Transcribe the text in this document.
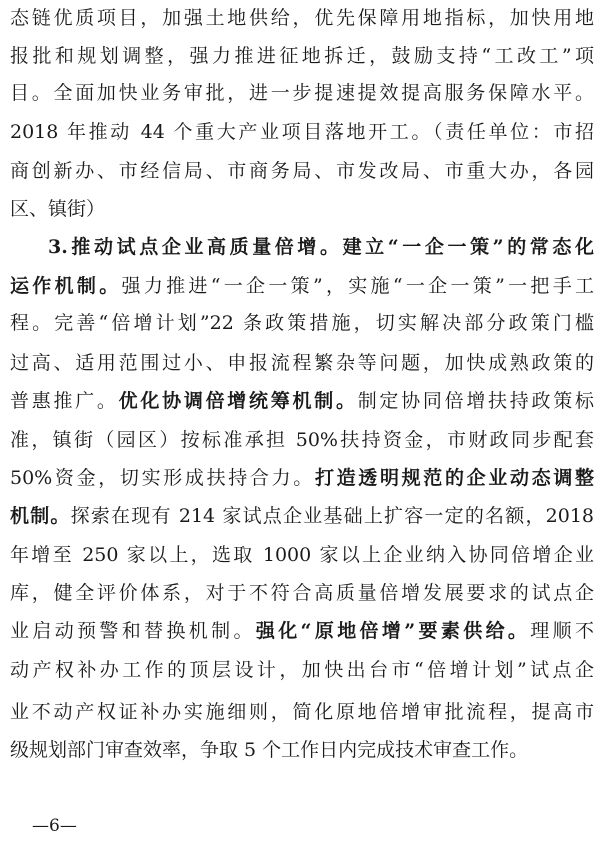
态链优质项目，加强土地供给，优先保障用地指标，加快用地
报批和规划调整，强力推进征地拆迁，鼓励支持“工改工”项
目。全面加快业务审批，进一步提速提效提高服务保障水平。
2018 年推动 44 个重大产业项目落地开工。（责任单位：市招
商创新办、市经信局、市商务局、市发改局、市重大办，各园
区、镇街）
3.推动试点企业高质量倍增。建立“一企一策”的常态化
运作机制。强力推进“一企一策”，实施“一企一策”一把手工
程。完善“倍增计划”22 条政策措施，切实解决部分政策门槛
过高、适用范围过小、申报流程繁杂等问题，加快成熟政策的
普惠推广。优化协调倍增统筹机制。制定协同倍增扶持政策标
准，镇街（园区）按标准承担 50%扶持资金，市财政同步配套
50%资金，切实形成扶持合力。打造透明规范的企业动态调整
机制。探索在现有 214 家试点企业基础上扩容一定的名额，2018
年增至 250 家以上，选取 1000 家以上企业纳入协同倍增企业
库，健全评价体系，对于不符合高质量倍增发展要求的试点企
业启动预警和替换机制。强化“原地倍增”要素供给。理顺不
动产权补办工作的顶层设计，加快出台市“倍增计划”试点企
业不动产权证补办实施细则，简化原地倍增审批流程，提高市
级规划部门审查效率，争取 5 个工作日内完成技术审查工作。
—6—
